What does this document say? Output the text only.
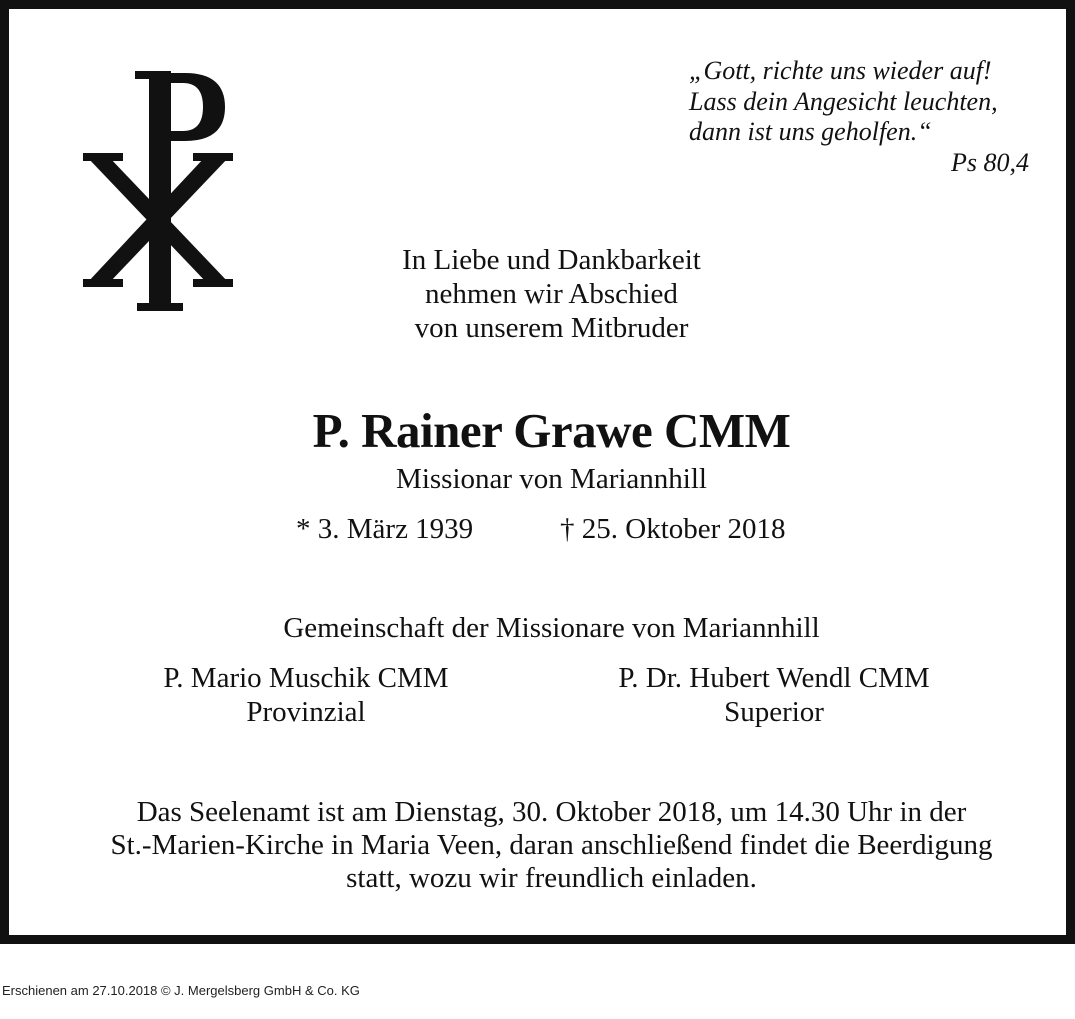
„Gott, richte uns wieder auf!
Lass dein Angesicht leuchten,
dann ist uns geholfen.“
Ps 80,4
In Liebe und Dankbarkeit
nehmen wir Abschied
von unserem Mitbruder
P. Rainer Grawe CMM
Missionar von Mariannhill
* 3. März 1939	† 25. Oktober 2018
Gemeinschaft der Missionare von Mariannhill
P. Mario Muschik CMM
Provinzial
P. Dr. Hubert Wendl CMM
Superior
Das Seelenamt ist am Dienstag, 30. Oktober 2018, um 14.30 Uhr in der
St.-Marien-Kirche in Maria Veen, daran anschließend findet die Beerdigung
statt, wozu wir freundlich einladen.
Erschienen am 27.10.2018 © J. Mergelsberg GmbH & Co. KG
